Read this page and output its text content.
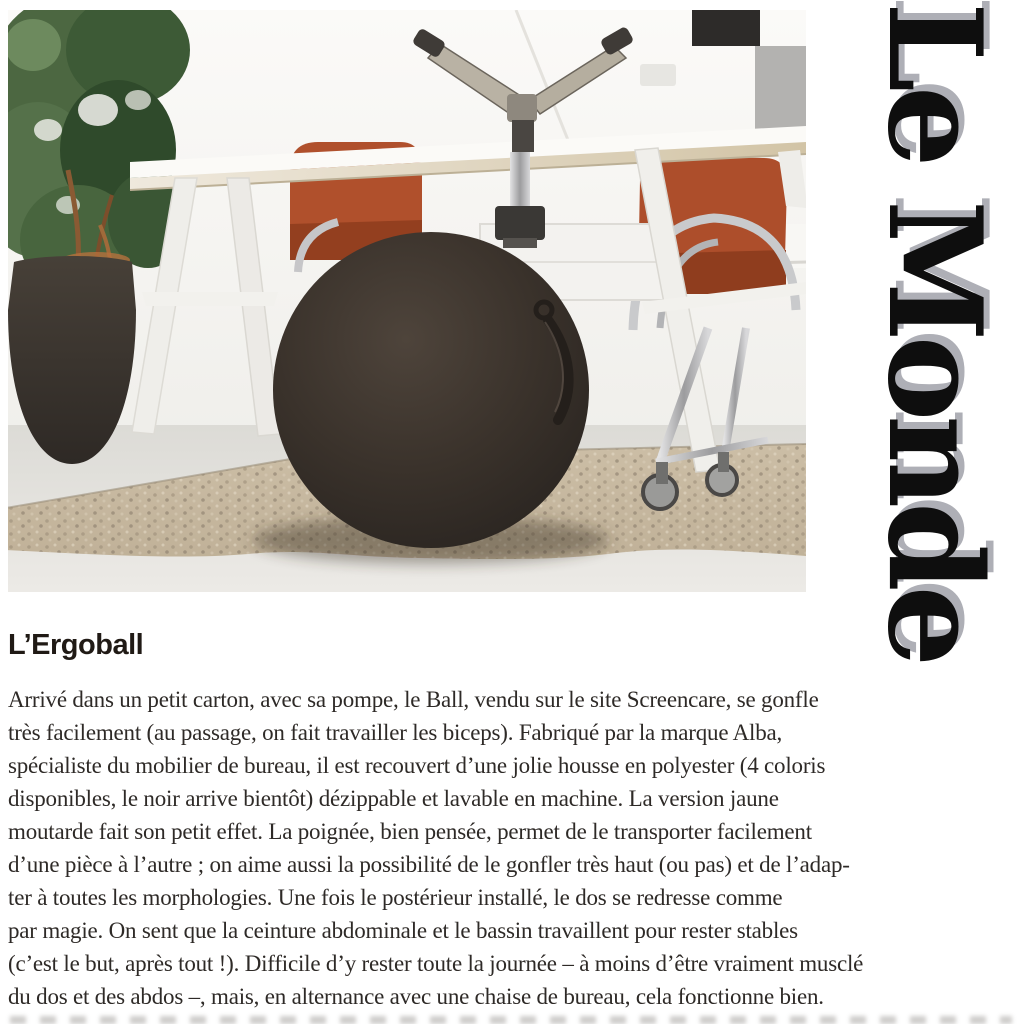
Le Monde
L’Ergoball
Arrivé dans un petit carton, avec sa pompe, le Ball, vendu sur le site Screencare, se gonfle
très facilement (au passage, on fait travailler les biceps). Fabriqué par la marque Alba,
spécialiste du mobilier de bureau, il est recouvert d’une jolie housse en polyester (4 coloris
disponibles, le noir arrive bientôt) dézippable et lavable en machine. La version jaune
moutarde fait son petit effet. La poignée, bien pensée, permet de le transporter facilement
d’une pièce à l’autre ; on aime aussi la possibilité de le gonfler très haut (ou pas) et de l’adap-
ter à toutes les morphologies. Une fois le postérieur installé, le dos se redresse comme
par magie. On sent que la ceinture abdominale et le bassin travaillent pour rester stables
(c’est le but, après tout !). Difficile d’y rester toute la journée – à moins d’être vraiment musclé
du dos et des abdos –, mais, en alternance avec une chaise de bureau, cela fonctionne bien.
